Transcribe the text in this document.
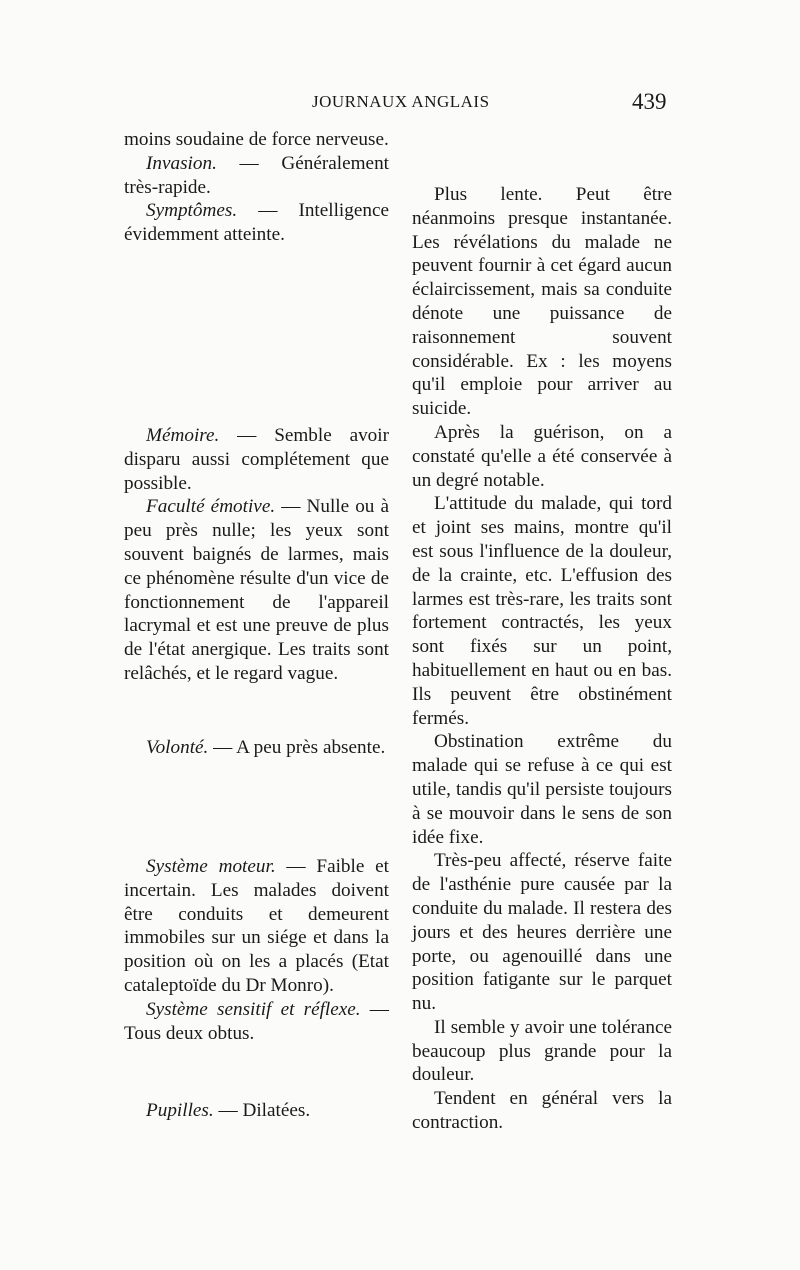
JOURNAUX ANGLAIS	439

moins soudaine de force nerveuse.

Invasion. — Généralement très-rapide.

Symptômes. — Intelligence évidemment atteinte.

Mémoire. — Semble avoir disparu aussi complétement que possible.

Faculté émotive. — Nulle ou à peu près nulle; les yeux sont souvent baignés de larmes, mais ce phénomène résulte d'un vice de fonctionnement de l'appareil lacrymal et est une preuve de plus de l'état anergique. Les traits sont relâchés, et le regard vague.

Volonté. — A peu près absente.

Système moteur. — Faible et incertain. Les malades doivent être conduits et demeurent immobiles sur un siége et dans la position où on les a placés (Etat cataleptoïde du Dr Monro).

Système sensitif et réflexe. — Tous deux obtus.

Pupilles. — Dilatées.

Plus lente. Peut être néanmoins presque instantanée. Les révélations du malade ne peuvent fournir à cet égard aucun éclaircissement, mais sa conduite dénote une puissance de raisonnement souvent considérable. Ex : les moyens qu'il emploie pour arriver au suicide.

Après la guérison, on a constaté qu'elle a été conservée à un degré notable.

L'attitude du malade, qui tord et joint ses mains, montre qu'il est sous l'influence de la douleur, de la crainte, etc. L'effusion des larmes est très-rare, les traits sont fortement contractés, les yeux sont fixés sur un point, habituellement en haut ou en bas. Ils peuvent être obstinément fermés.

Obstination extrême du malade qui se refuse à ce qui est utile, tandis qu'il persiste toujours à se mouvoir dans le sens de son idée fixe.

Très-peu affecté, réserve faite de l'asthénie pure causée par la conduite du malade. Il restera des jours et des heures derrière une porte, ou agenouillé dans une position fatigante sur le parquet nu.

Il semble y avoir une tolérance beaucoup plus grande pour la douleur.

Tendent en général vers la contraction.
